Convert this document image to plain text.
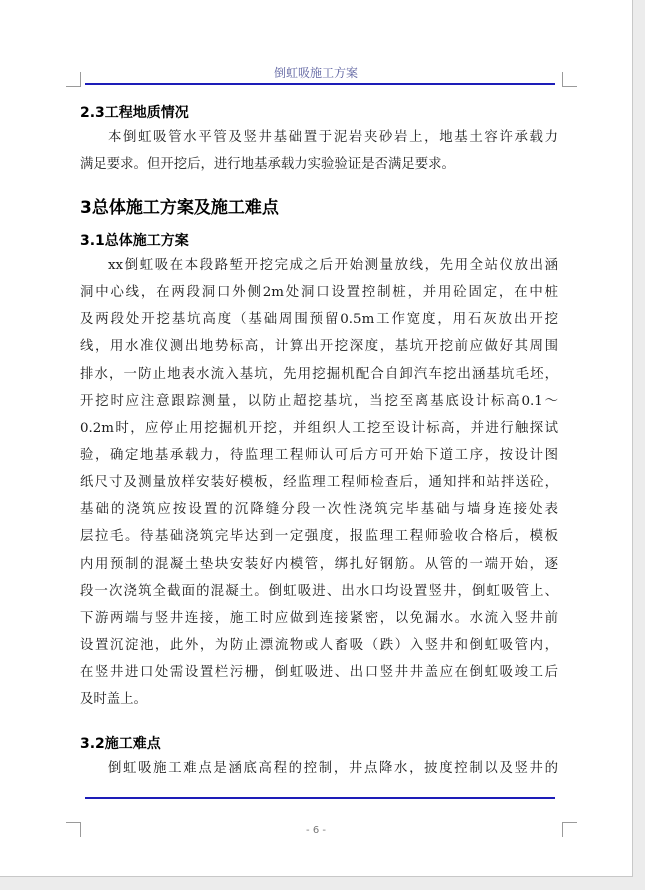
倒虹吸施工方案
2.3工程地质情况
本倒虹吸管水平管及竖井基础置于泥岩夹砂岩上，地基土容许承载力
满足要求。但开挖后，进行地基承载力实验验证是否满足要求。
3总体施工方案及施工难点
3.1总体施工方案
xx倒虹吸在本段路堑开挖完成之后开始测量放线，先用全站仪放出涵
洞中心线，在两段洞口外侧2m处洞口设置控制桩，并用砼固定，在中桩
及两段处开挖基坑高度（基础周围预留0.5m工作宽度，用石灰放出开挖
线，用水准仪测出地势标高，计算出开挖深度，基坑开挖前应做好其周围
排水，一防止地表水流入基坑，先用挖掘机配合自卸汽车挖出涵基坑毛坯，
开挖时应注意跟踪测量，以防止超挖基坑，当挖至离基底设计标高0.1～
0.2m时，应停止用挖掘机开挖，并组织人工挖至设计标高，并进行触探试
验，确定地基承载力，待监理工程师认可后方可开始下道工序，按设计图
纸尺寸及测量放样安装好模板，经监理工程师检查后，通知拌和站拌送砼，
基础的浇筑应按设置的沉降缝分段一次性浇筑完毕基础与墙身连接处表
层拉毛。待基础浇筑完毕达到一定强度，报监理工程师验收合格后，模板
内用预制的混凝土垫块安装好内模管，绑扎好钢筋。从管的一端开始，逐
段一次浇筑全截面的混凝土。倒虹吸进、出水口均设置竖井，倒虹吸管上、
下游两端与竖井连接，施工时应做到连接紧密，以免漏水。水流入竖井前
设置沉淀池，此外，为防止漂流物或人畜吸（跌）入竖井和倒虹吸管内，
在竖井进口处需设置栏污栅，倒虹吸进、出口竖井井盖应在倒虹吸竣工后
及时盖上。
3.2施工难点
倒虹吸施工难点是涵底高程的控制，井点降水，披度控制以及竖井的
- 6 -
